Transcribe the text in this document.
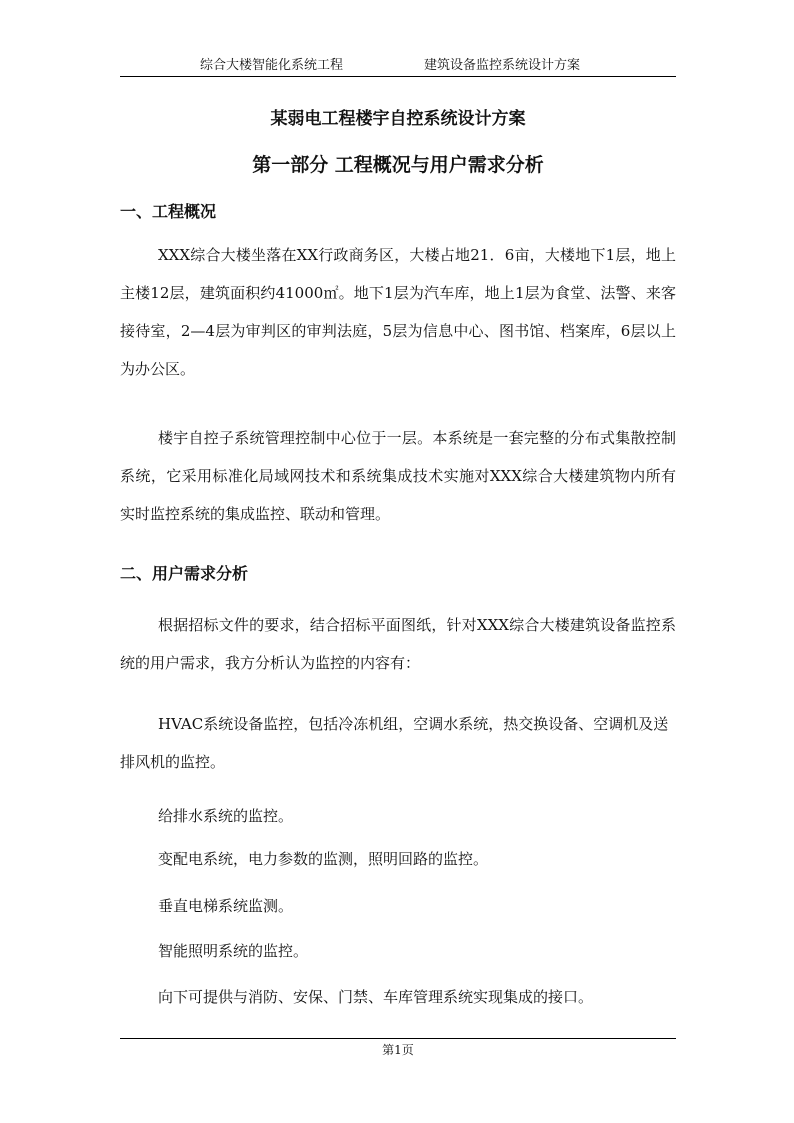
综合大楼智能化系统工程	建筑设备监控系统设计方案
某弱电工程楼宇自控系统设计方案
第一部分 工程概况与用户需求分析
一、工程概况

XXX综合大楼坐落在XX行政商务区，大楼占地21．6亩，大楼地下1层，地上主楼12层，建筑面积约41000㎡。地下1层为汽车库，地上1层为食堂、法警、来客接待室，2—4层为审判区的审判法庭，5层为信息中心、图书馆、档案库，6层以上为办公区。

楼宇自控子系统管理控制中心位于一层。本系统是一套完整的分布式集散控制系统，它采用标准化局域网技术和系统集成技术实施对XXX综合大楼建筑物内所有实时监控系统的集成监控、联动和管理。

二、用户需求分析

根据招标文件的要求，结合招标平面图纸，针对XXX综合大楼建筑设备监控系统的用户需求，我方分析认为监控的内容有：

HVAC系统设备监控，包括冷冻机组，空调水系统，热交换设备、空调机及送排风机的监控。

给排水系统的监控。

变配电系统，电力参数的监测，照明回路的监控。

垂直电梯系统监测。

智能照明系统的监控。

向下可提供与消防、安保、门禁、车库管理系统实现集成的接口。

第1页
